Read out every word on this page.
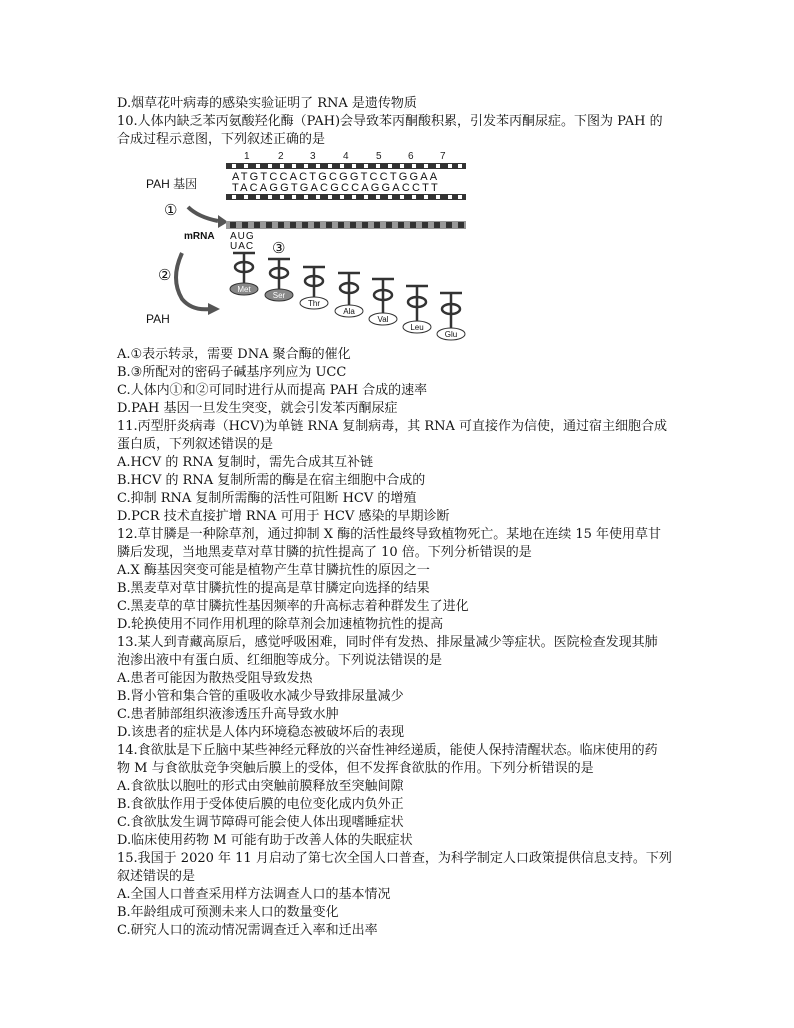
D.烟草花叶病毒的感染实验证明了 RNA 是遗传物质
10.人体内缺乏苯丙氨酸羟化酶（PAH)会导致苯丙酮酸积累，引发苯丙酮尿症。下图为 PAH 的
合成过程示意图，下列叙述正确的是
1	2	3	4	5	6	7
ATGTCCACTGCGGTCCTGGAA
TACAGGTGACGCCAGGACCTT
PAH 基因
①
mRNA AUG
UAC ③
②
PAH
Met
Ser
Thr
Ala
Val
Leu
Glu
A.①表示转录，需要 DNA 聚合酶的催化
B.③所配对的密码子碱基序列应为 UCC
C.人体内①和②可同时进行从而提高 PAH 合成的速率
D.PAH 基因一旦发生突变，就会引发苯丙酮尿症
11.丙型肝炎病毒（HCV)为单链 RNA 复制病毒，其 RNA 可直接作为信使，通过宿主细胞合成
蛋白质，下列叙述错误的是
A.HCV 的 RNA 复制时，需先合成其互补链
B.HCV 的 RNA 复制所需的酶是在宿主细胞中合成的
C.抑制 RNA 复制所需酶的活性可阻断 HCV 的增殖
D.PCR 技术直接扩增 RNA 可用于 HCV 感染的早期诊断
12.草甘膦是一种除草剂，通过抑制 X 酶的活性最终导致植物死亡。某地在连续 15 年使用草甘
膦后发现，当地黑麦草对草甘膦的抗性提高了 10 倍。下列分析错误的是
A.X 酶基因突变可能是植物产生草甘膦抗性的原因之一
B.黑麦草对草甘膦抗性的提高是草甘膦定向选择的结果
C.黑麦草的草甘膦抗性基因频率的升高标志着种群发生了进化
D.轮换使用不同作用机理的除草剂会加速植物抗性的提高
13.某人到青藏高原后，感觉呼吸困难，同时伴有发热、排尿量减少等症状。医院检查发现其肺
泡渗出液中有蛋白质、红细胞等成分。下列说法错误的是
A.患者可能因为散热受阻导致发热
B.肾小管和集合管的重吸收水减少导致排尿量减少
C.患者肺部组织液渗透压升高导致水肿
D.该患者的症状是人体内环境稳态被破坏后的表现
14.食欲肽是下丘脑中某些神经元释放的兴奋性神经递质，能使人保持清醒状态。临床使用的药
物 M 与食欲肽竞争突触后膜上的受体，但不发挥食欲肽的作用。下列分析错误的是
A.食欲肽以胞吐的形式由突触前膜释放至突触间隙
B.食欲肽作用于受体使后膜的电位变化成内负外正
C.食欲肽发生调节障碍可能会使人体出现嗜睡症状
D.临床使用药物 M 可能有助于改善人体的失眠症状
15.我国于 2020 年 11 月启动了第七次全国人口普查，为科学制定人口政策提供信息支持。下列
叙述错误的是
A.全国人口普查采用样方法调查人口的基本情况
B.年龄组成可预测未来人口的数量变化
C.研究人口的流动情况需调查迁入率和迁出率
